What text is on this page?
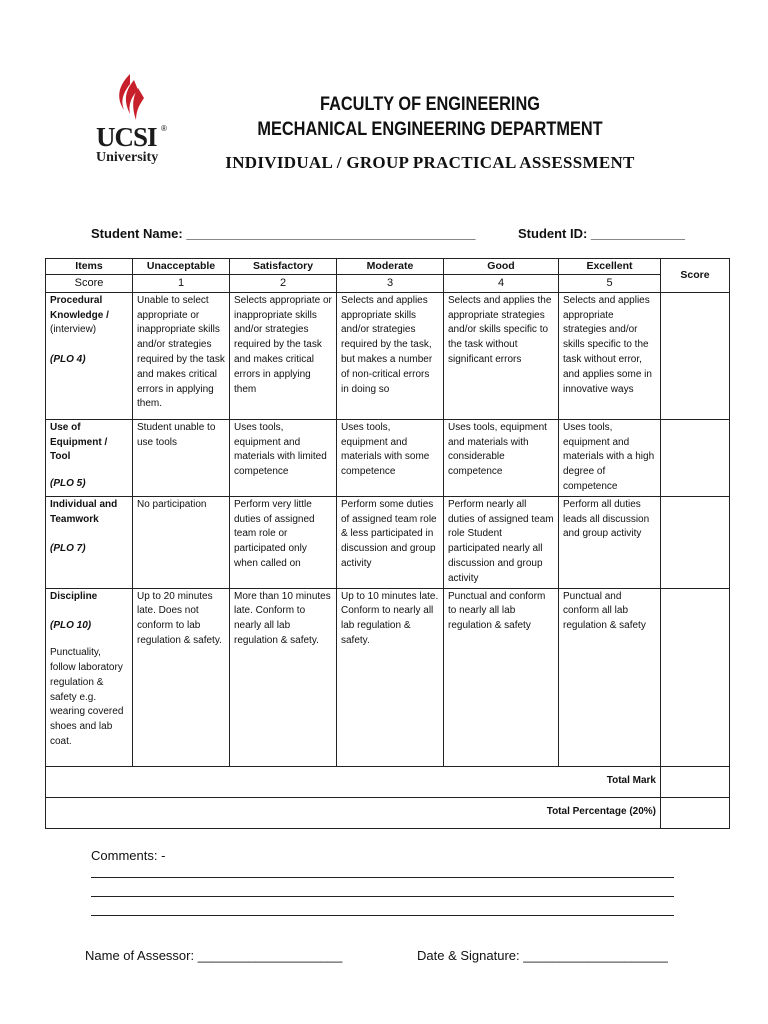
UCSI ®
University
FACULTY OF ENGINEERING
MECHANICAL ENGINEERING DEPARTMENT
INDIVIDUAL / GROUP PRACTICAL ASSESSMENT
Student Name: ________________________________________	Student ID: _____________
Items	Unacceptable	Satisfactory	Moderate	Good	Excellent	Score
Score	1	2	3	4	5	
Procedural Knowledge /
(interview)
(PLO 4)	Unable to select appropriate or inappropriate skills and/or strategies required by the task and makes critical errors in applying them.	Selects appropriate or inappropriate skills and/or strategies required by the task and makes critical errors in applying them	Selects and applies appropriate skills and/or strategies required by the task, but makes a number of non-critical errors in doing so	Selects and applies the appropriate strategies and/or skills specific to the task without significant errors	Selects and applies appropriate strategies and/or skills specific to the task without error, and applies some in innovative ways	
Use of Equipment / Tool
(PLO 5)	Student unable to use tools	Uses tools, equipment and materials with limited competence	Uses tools, equipment and materials with some competence	Uses tools, equipment and materials with considerable competence	Uses tools, equipment and materials with a high degree of competence	
Individual and Teamwork
(PLO 7)	No participation	Perform very little duties of assigned team role or participated only when called on	Perform some duties of assigned team role & less participated in discussion and group activity	Perform nearly all duties of assigned team role Student participated nearly all discussion and group activity	Perform all duties leads all discussion and group activity	
Discipline
(PLO 10)
Punctuality, follow laboratory regulation & safety e.g. wearing covered shoes and lab coat.	Up to 20 minutes late. Does not conform to lab regulation & safety.	More than 10 minutes late. Conform to nearly all lab regulation & safety.	Up to 10 minutes late. Conform to nearly all lab regulation & safety.	Punctual and conform to nearly all lab regulation & safety	Punctual and conform all lab regulation & safety	
Total Mark						
Total Percentage (20%)						
Comments: -
Name of Assessor: ____________________	Date & Signature: ____________________
